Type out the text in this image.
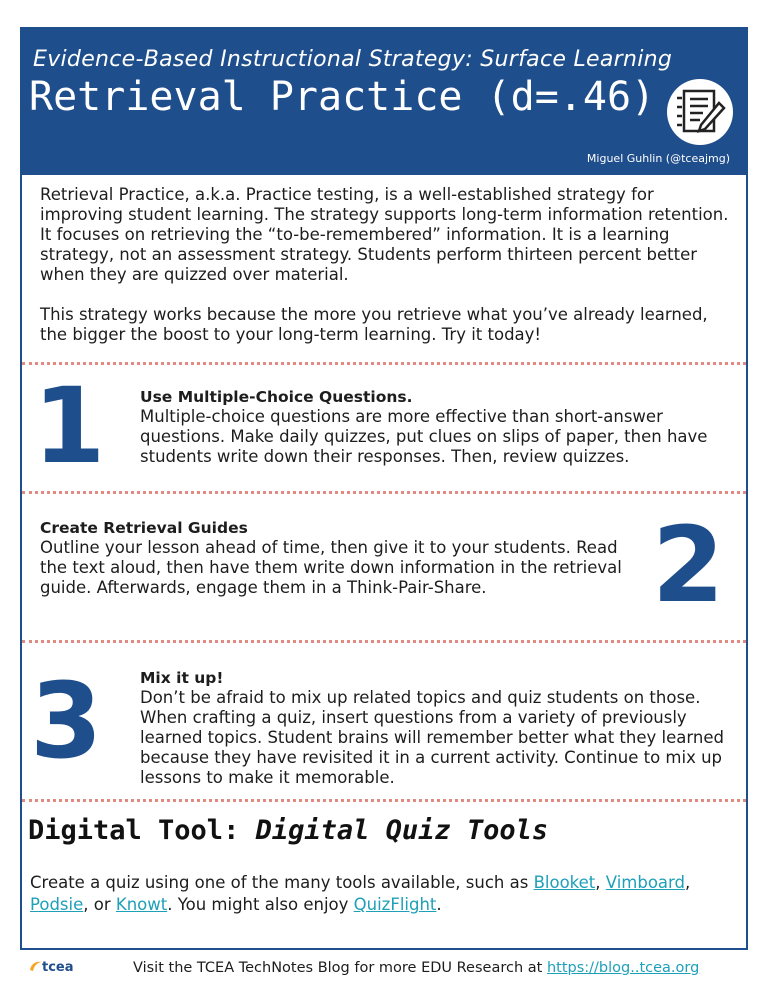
Evidence-Based Instructional Strategy: Surface Learning
Retrieval Practice (d=.46)
Miguel Guhlin (@tceajmg)

Retrieval Practice, a.k.a. Practice testing, is a well-established strategy for improving student learning. The strategy supports long-term information retention. It focuses on retrieving the “to-be-remembered” information. It is a learning strategy, not an assessment strategy. Students perform thirteen percent better when they are quizzed over material.

This strategy works because the more you retrieve what you’ve already learned, the bigger the boost to your long-term learning. Try it today!

1 Use Multiple-Choice Questions.
Multiple-choice questions are more effective than short-answer questions. Make daily quizzes, put clues on slips of paper, then have students write down their responses. Then, review quizzes.
Create Retrieval Guides
Outline your lesson ahead of time, then give it to your students. Read the text aloud, then have them write down information in the retrieval guide. Afterwards, engage them in a Think-Pair-Share.	2
3 Mix it up!
Don’t be afraid to mix up related topics and quiz students on those. When crafting a quiz, insert questions from a variety of previously learned topics. Student brains will remember better what they learned because they have revisited it in a current activity. Continue to mix up lessons to make it memorable.
Digital Tool: Digital Quiz Tools
Create a quiz using one of the many tools available, such as Blooket, Vimboard, Podsie, or Knowt. You might also enjoy QuizFlight.
tcea	Visit the TCEA TechNotes Blog for more EDU Research at https://blog..tcea.org
